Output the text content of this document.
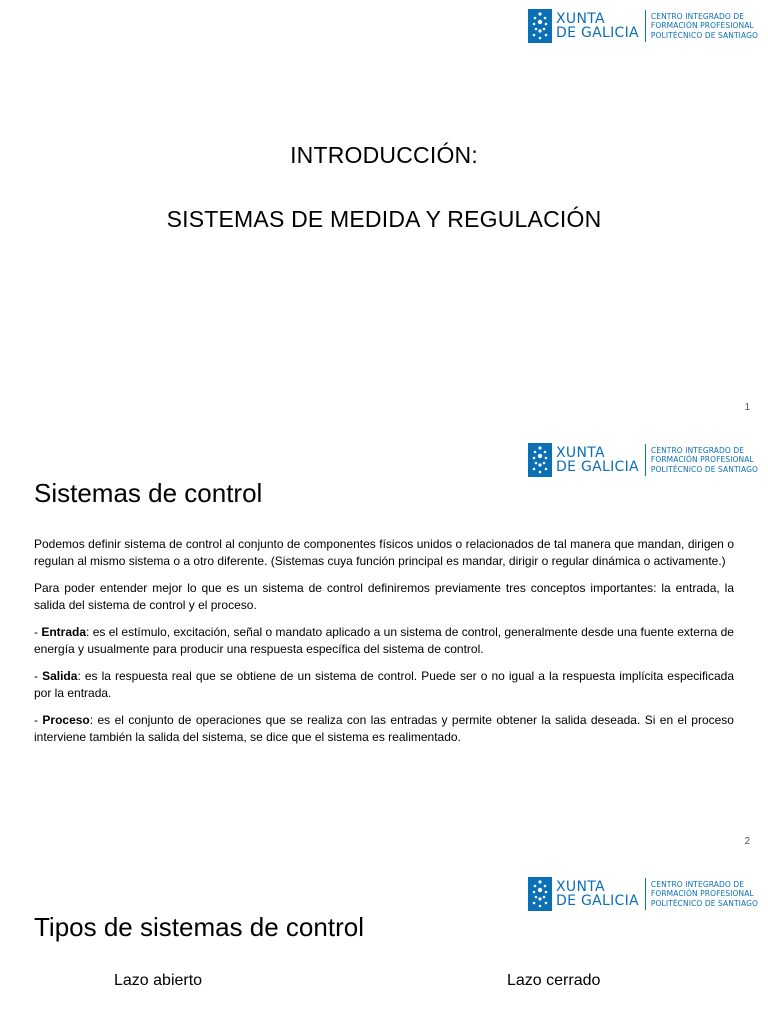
XUNTA
DE GALICIA
CENTRO INTEGRADO DE
FORMACIÓN PROFESIONAL
POLITÉCNICO DE SANTIAGO
INTRODUCCIÓN:
SISTEMAS DE MEDIDA Y REGULACIÓN
1
XUNTA
DE GALICIA
CENTRO INTEGRADO DE
FORMACIÓN PROFESIONAL
POLITÉCNICO DE SANTIAGO
Sistemas de control

Podemos definir sistema de control al conjunto de componentes físicos unidos o relacionados de tal manera que mandan, dirigen o regulan al mismo sistema o a otro diferente. (Sistemas cuya función principal es mandar, dirigir o regular dinámica o activamente.)

Para poder entender mejor lo que es un sistema de control definiremos previamente tres conceptos importantes: la entrada, la salida del sistema de control y el proceso.

- Entrada: es el estímulo, excitación, señal o mandato aplicado a un sistema de control, generalmente desde una fuente externa de energía y usualmente para producir una respuesta específica del sistema de control.

- Salida: es la respuesta real que se obtiene de un sistema de control. Puede ser o no igual a la respuesta implícita especificada por la entrada.

- Proceso: es el conjunto de operaciones que se realiza con las entradas y permite obtener la salida deseada. Si en el proceso interviene también la salida del sistema, se dice que el sistema es realimentado.

2
XUNTA
DE GALICIA
CENTRO INTEGRADO DE
FORMACIÓN PROFESIONAL
POLITÉCNICO DE SANTIAGO
Tipos de sistemas de control
Lazo abierto	Lazo cerrado
